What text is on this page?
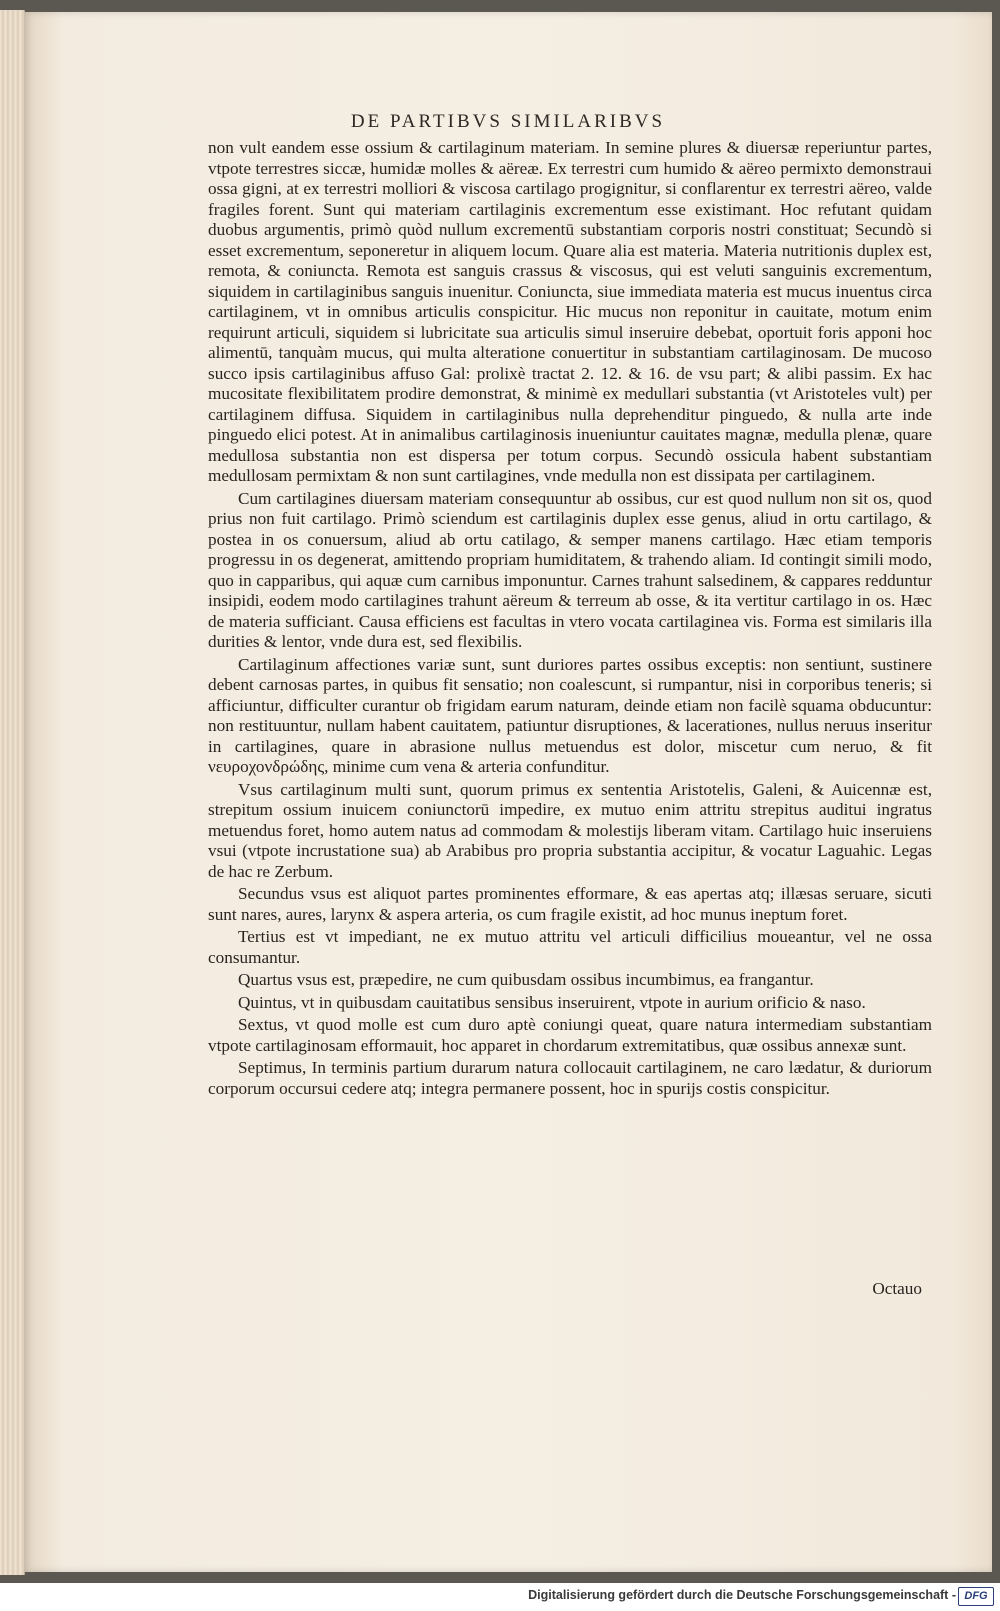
DE PARTIBVS SIMILARIBVS

non vult eandem esse ossium & cartilaginum materiam. In semine plures & diuersæ reperiuntur partes, vtpote terrestres siccæ, humidæ molles & aëreæ. Ex terrestri cum humido & aëreo permixto demonstraui ossa gigni, at ex terrestri molliori & viscosa cartilago progignitur, si conflarentur ex terrestri aëreo, valde fragiles forent. Sunt qui materiam cartilaginis excrementum esse existimant. Hoc refutant quidam duobus argumentis, primò quòd nullum excrementū substantiam corporis nostri constituat; Secundò si esset excrementum, seponeretur in aliquem locum. Quare alia est materia. Materia nutritionis duplex est, remota, & coniuncta. Remota est sanguis crassus & viscosus, qui est veluti sanguinis excrementum, siquidem in cartilaginibus sanguis inuenitur. Coniuncta, siue immediata materia est mucus inuentus circa cartilaginem, vt in omnibus articulis conspicitur. Hic mucus non reponitur in cauitate, motum enim requirunt articuli, siquidem si lubricitate sua articulis simul inseruire debebat, oportuit foris apponi hoc alimentū, tanquàm mucus, qui multa alteratione conuertitur in substantiam cartilaginosam. De mucoso succo ipsis cartilaginibus affuso Gal: prolixè tractat 2. 12. & 16. de vsu part; & alibi passim. Ex hac mucositate flexibilitatem prodire demonstrat, & minimè ex medullari substantia (vt Aristoteles vult) per cartilaginem diffusa. Siquidem in cartilaginibus nulla deprehenditur pinguedo, & nulla arte inde pinguedo elici potest. At in animalibus cartilaginosis inueniuntur cauitates magnæ, medulla plenæ, quare medullosa substantia non est dispersa per totum corpus. Secundò ossicula habent substantiam medullosam permixtam & non sunt cartilagines, vnde medulla non est dissipata per cartilaginem.

Cum cartilagines diuersam materiam consequuntur ab ossibus, cur est quod nullum non sit os, quod prius non fuit cartilago. Primò sciendum est cartilaginis duplex esse genus, aliud in ortu cartilago, & postea in os conuersum, aliud ab ortu catilago, & semper manens cartilago. Hæc etiam temporis progressu in os degenerat, amittendo propriam humiditatem, & trahendo aliam. Id contingit simili modo, quo in capparibus, qui aquæ cum carnibus imponuntur. Carnes trahunt salsedinem, & cappares redduntur insipidi, eodem modo cartilagines trahunt aëreum & terreum ab osse, & ita vertitur cartilago in os. Hæc de materia sufficiant. Causa efficiens est facultas in vtero vocata cartilaginea vis. Forma est similaris illa durities & lentor, vnde dura est, sed flexibilis.

Cartilaginum affectiones variæ sunt, sunt duriores partes ossibus exceptis: non sentiunt, sustinere debent carnosas partes, in quibus fit sensatio; non coalescunt, si rumpantur, nisi in corporibus teneris; si afficiuntur, difficulter curantur ob frigidam earum naturam, deinde etiam non facilè squama obducuntur: non restituuntur, nullam habent cauitatem, patiuntur disruptiones, & lacerationes, nullus neruus inseritur in cartilagines, quare in abrasione nullus metuendus est dolor, miscetur cum neruo, & fit νευροχονδρώδης, minime cum vena & arteria confunditur.

Vsus cartilaginum multi sunt, quorum primus ex sententia Aristotelis, Galeni, & Auicennæ est, strepitum ossium inuicem coniunctorū impedire, ex mutuo enim attritu strepitus auditui ingratus metuendus foret, homo autem natus ad commodam & molestijs liberam vitam. Cartilago huic inseruiens vsui (vtpote incrustatione sua) ab Arabibus pro propria substantia accipitur, & vocatur Laguahic. Legas de hac re Zerbum.

Secundus vsus est aliquot partes prominentes efformare, & eas apertas atq; illæsas seruare, sicuti sunt nares, aures, larynx & aspera arteria, os cum fragile existit, ad hoc munus ineptum foret.

Tertius est vt impediant, ne ex mutuo attritu vel articuli difficilius moueantur, vel ne ossa consumantur.

Quartus vsus est, præpedire, ne cum quibusdam ossibus incumbimus, ea frangantur.

Quintus, vt in quibusdam cauitatibus sensibus inseruirent, vtpote in aurium orificio & naso.

Sextus, vt quod molle est cum duro aptè coniungi queat, quare natura intermediam substantiam vtpote cartilaginosam efformauit, hoc apparet in chordarum extremitatibus, quæ ossibus annexæ sunt.

Septimus, In terminis partium durarum natura collocauit cartilaginem, ne caro lædatur, & duriorum corporum occursui cedere atq; integra permanere possent, hoc in spurijs costis conspicitur.

Octauo
Digitalisierung gefördert durch die Deutsche Forschungsgemeinschaft - DFG
